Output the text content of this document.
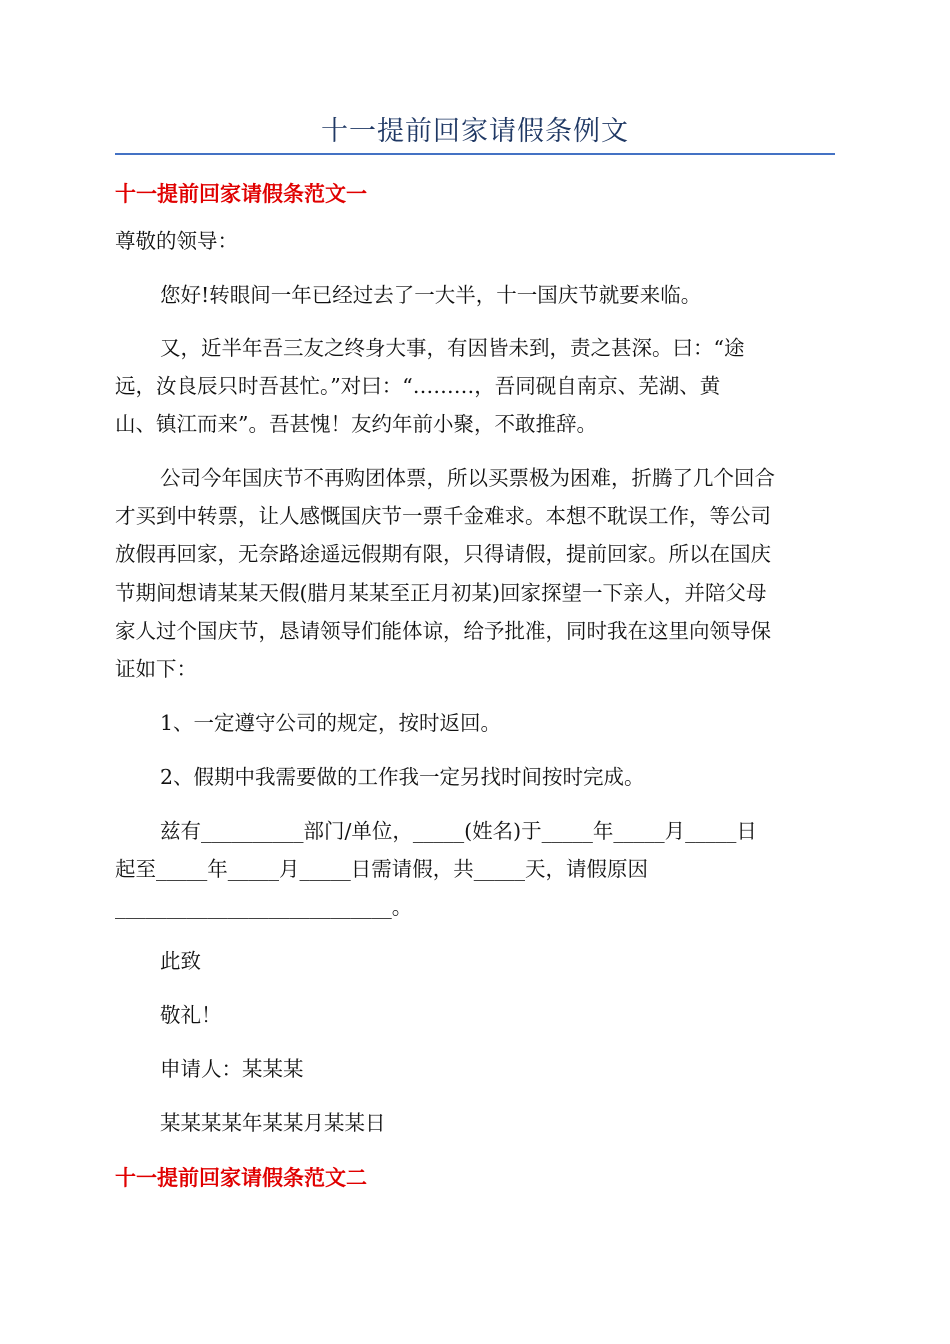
十一提前回家请假条例文
十一提前回家请假条范文一
尊敬的领导：
您好!转眼间一年已经过去了一大半，十一国庆节就要来临。
又，近半年吾三友之终身大事，有因皆未到，责之甚深。曰：“途
远，汝良辰只时吾甚忙。”对曰：“………，吾同砚自南京、芜湖、黄
山、镇江而来”。吾甚愧！友约年前小聚，不敢推辞。
公司今年国庆节不再购团体票，所以买票极为困难，折腾了几个回合
才买到中转票，让人感慨国庆节一票千金难求。本想不耽误工作，等公司
放假再回家，无奈路途遥远假期有限，只得请假，提前回家。所以在国庆
节期间想请某某天假(腊月某某至正月初某)回家探望一下亲人，并陪父母
家人过个国庆节，恳请领导们能体谅，给予批准，同时我在这里向领导保
证如下：
1、一定遵守公司的规定，按时返回。
2、假期中我需要做的工作我一定另找时间按时完成。
兹有__________部门/单位，_____(姓名)于_____年_____月_____日
起至_____年_____月_____日需请假，共_____天，请假原因
___________________________。
此致
敬礼！
申请人：某某某
某某某某年某某月某某日
十一提前回家请假条范文二
